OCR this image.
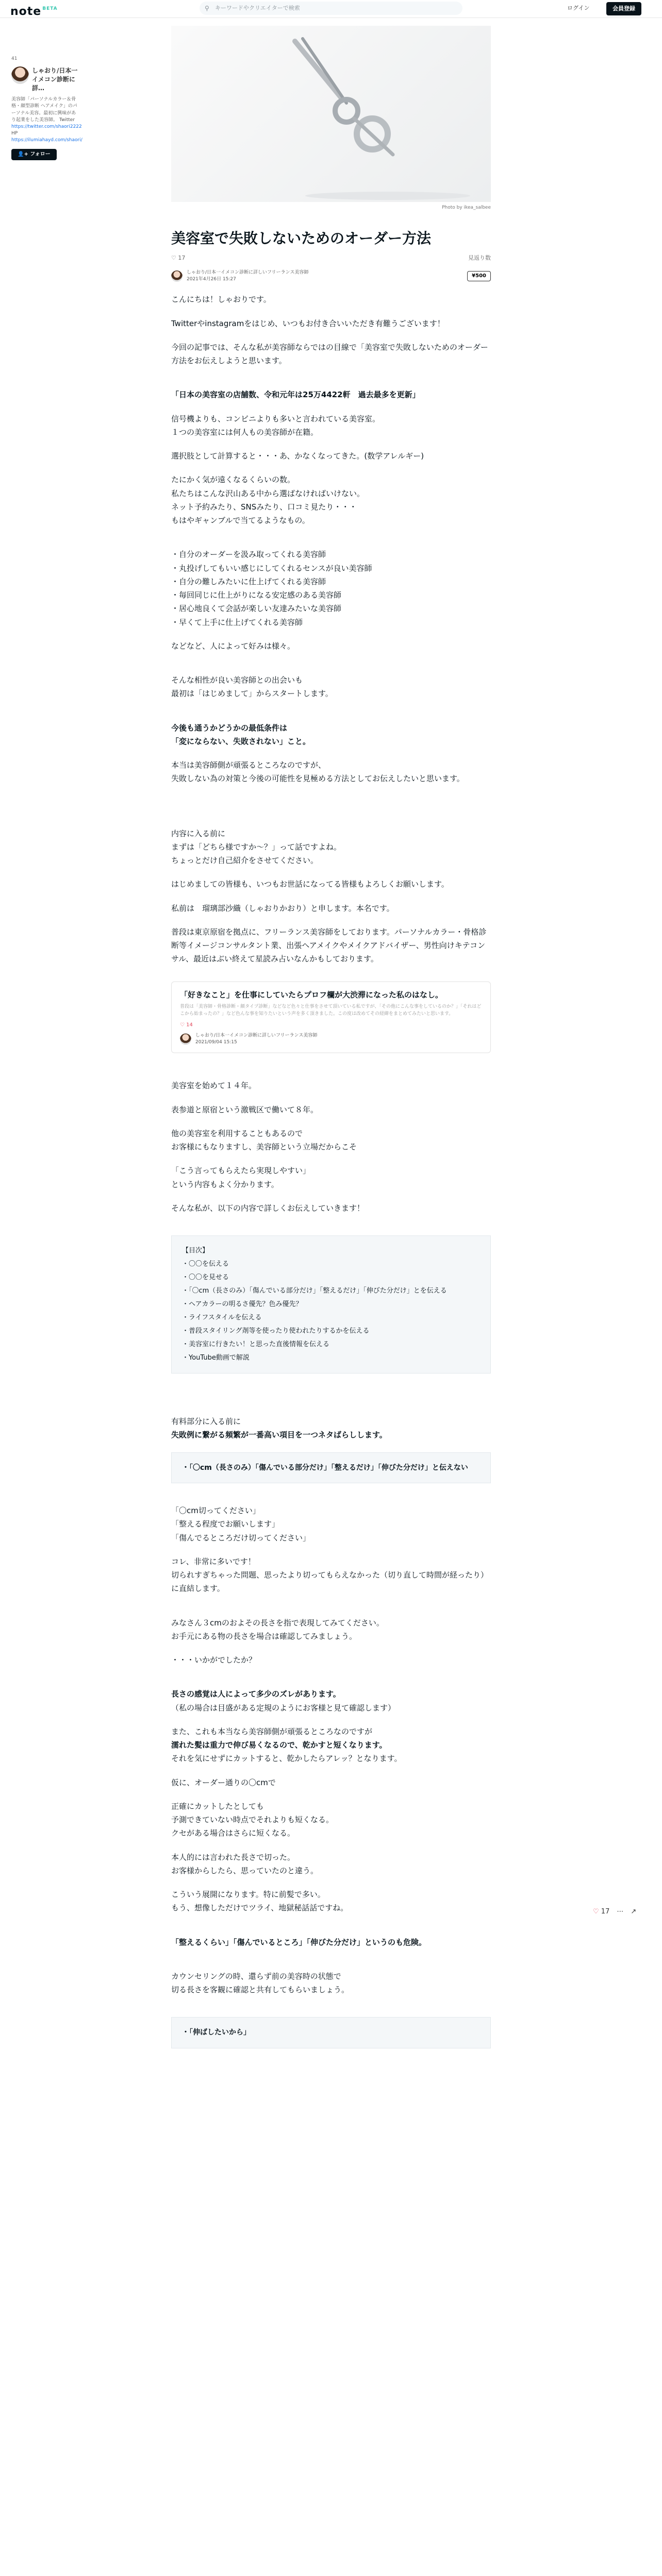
note $^{BETA}$	⚲ キーワードやクリエイターで検索	ログイン	会員登録
41
しゃおり/日本一イメコン診断に詳…
美容師「パーソナルカラー＆骨格・顔型診断 ヘアメイク」のパーソナル美容。最初に興味があり起業をした美容師。 Twitter
https://twitter.com/shaori2222 HP
https://ilumiahayd.com/shaori/
👤+ フォロー
Photo by ikea_salbee
美容室で失敗しないためのオーダー方法
♡ 17	見返り数
しゃおり/日本一イメコン診断に詳しいフリーランス美容師
2021年4月26日 15:27
¥500

こんにちは！しゃおりです。

Twitterやinstagramをはじめ、いつもお付き合いいただき有難うございます！

今回の記事では、そんな私が美容師ならではの目線で「美容室で失敗しないためのオーダー方法をお伝えしようと思います。

「日本の美容室の店舗数、令和元年は25万4422軒　過去最多を更新」

信号機よりも、コンビニよりも多いと言われている美容室。

１つの美容室には何人もの美容師が在籍。

選択肢として計算すると・・・あ、かなくなってきた。(数学アレルギー)

たにかく気が遠くなるくらいの数。

私たちはこんな沢山ある中から選ばなければいけない。

ネット予約みたり、SNSみたり、口コミ見たり・・・

もはやギャンブルで当てるようなもの。

・自分のオーダーを汲み取ってくれる美容師

・丸投げしてもいい感じにしてくれるセンスが良い美容師

・自分の難しみたいに仕上げてくれる美容師

・毎回同じに仕上がりになる安定感のある美容師

・居心地良くて会話が楽しい友達みたいな美容師

・早くて上手に仕上げてくれる美容師

などなど、人によって好みは様々。

そんな相性が良い美容師との出会いも

最初は「はじめまして」からスタートします。

今後も通うかどうかの最低条件は

「変にならない、失敗されない」こと。

本当は美容師側が頑張るところなのですが、

失敗しない為の対策と今後の可能性を見極める方法としてお伝えしたいと思います。

内容に入る前に

まずは「どちら様ですか〜？」って話ですよね。

ちょっとだけ自己紹介をさせてください。

はじめましての皆様も、いつもお世話になってる皆様もよろしくお願いします。

私前は　瑠璃部沙織（しゃおりかおり）と申します。本名です。

普段は東京原宿を拠点に、フリーランス美容師をしております。パーソナルカラー・骨格診断等イメージコンサルタント業、出張ヘアメイクやメイクアドバイザー、男性向けキテコンサル、最近はぶい終えて星読み占いなんかもしております。

「好きなこと」を仕事にしていたらプロフ欄が大渋滞になった私のはなし。
普段は「美容師・骨格診断・顔タイプ診断」などなど色々と仕事をさせて頂いている私ですが、「その他にこんな事をしているのか？」「それはどこから始まったの？」など色んな事を知りたいという声を多く頂きました。この度は改めてその経緯をまとめてみたいと思います。
♡ 14
しゃおり/日本一イメコン診断に詳しいフリーランス美容師
2021/09/04 15:15

美容室を始めて１４年。

表参道と原宿という激戦区で働いて８年。

他の美容室を利用することもあるので

お客様にもなりますし、美容師という立場だからこそ

「こう言ってもらえたら実現しやすい」

という内容もよく分かります。

そんな私が、以下の内容で詳しくお伝えしていきます！

【目次】
・〇〇を伝える
・〇〇を見せる
・「〇cm（長さのみ）「傷んでいる部分だけ」「整えるだけ」「伸びた分だけ」とを伝える
・ヘアカラーの明るさ優先？色み優先？
・ライフスタイルを伝える
・普段スタイリング剤等を使ったり使われたりするかを伝える
・美容室に行きたい！と思った直後情報を伝える
・YouTube動画で解説

有料部分に入る前に

失敗例に繋がる頻繁が一番高い項目を一つネタばらしします。

・「〇cm（長さのみ）「傷んでいる部分だけ」「整えるだけ」「伸びた分だけ」と伝えない

「〇cm切ってください」

「整える程度でお願いします」

「傷んでるところだけ切ってください」

コレ、非常に多いです！

切られすぎちゃった問題、思ったより切ってもらえなかった（切り直して時間が経ったり）に直結します。

みなさん３cmのおよその長さを指で表現してみてください。

お手元にある物の長さを場合は確認してみましょう。

・・・いかがでしたか？

長さの感覚は人によって多少のズレがあります。

（私の場合は目盛がある定規のようにお客様と見て確認します）

また、これも本当なら美容師側が頑張るところなのですが

濡れた髪は重力で伸び易くなるので、乾かすと短くなります。

それを気にせずにカットすると、乾かしたらアレッ？となります。

仮に、オーダー通りの〇cmで

正確にカットしたとしても

予測できていない時点でそれよりも短くなる。

クセがある場合はさらに短くなる。

本人的には言われた長さで切った。

お客様からしたら、思っていたのと違う。

こういう展開になります。特に前髪で多い。

もう、想像しただけでツライ、地獄秘話話ですね。

「整えるくらい」「傷んでいるところ」「伸びた分だけ」というのも危険。

カウンセリングの時、還らず前の美容時の状態で

切る長さを客観に確認と共有してもらいましょう。

・「伸ばしたいから」
♡ 17 ⋯ ↗
